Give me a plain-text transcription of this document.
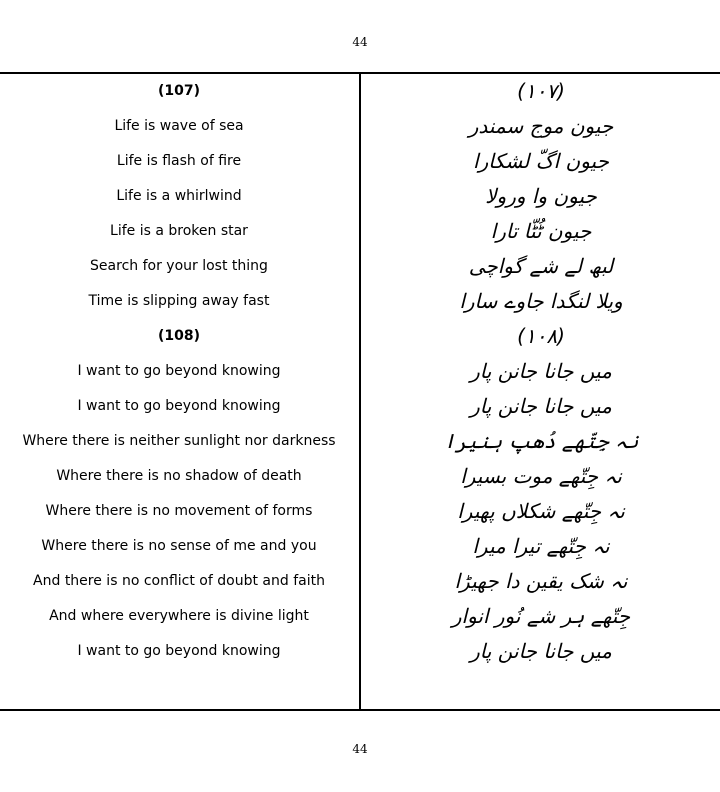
44
(107)
Life is wave of sea
Life is flash of fire
Life is a whirlwind
Life is a broken star
Search for your lost thing
Time is slipping away fast
(108)
I want to go beyond knowing
I want to go beyond knowing
Where there is neither sunlight nor darkness
Where there is no shadow of death
Where there is no movement of forms
Where there is no sense of me and you
And there is no conflict of doubt and faith
And where everywhere is divine light
I want to go beyond knowing
(۱۰۷)
جیون موج سمندر
جیون اگّ لشکارا
جیون وا ورولا
جیون ٹُٹّا تارا
لبھ لے شے گواچی
ویلا لنگدا جاوے سارا
(۱۰۸)
میں جانا جانن پار
میں جانا جانن پار
نہ جِتّھے دُھپ ہنیرا
نہ جِتّھے موت بسیرا
نہ جِتّھے شکلاں پھیرا
نہ جِتّھے تیرا میرا
نہ شک یقین دا جھیڑا
جِتّھے ہر شے نُور انوار
میں جانا جانن پار
44
